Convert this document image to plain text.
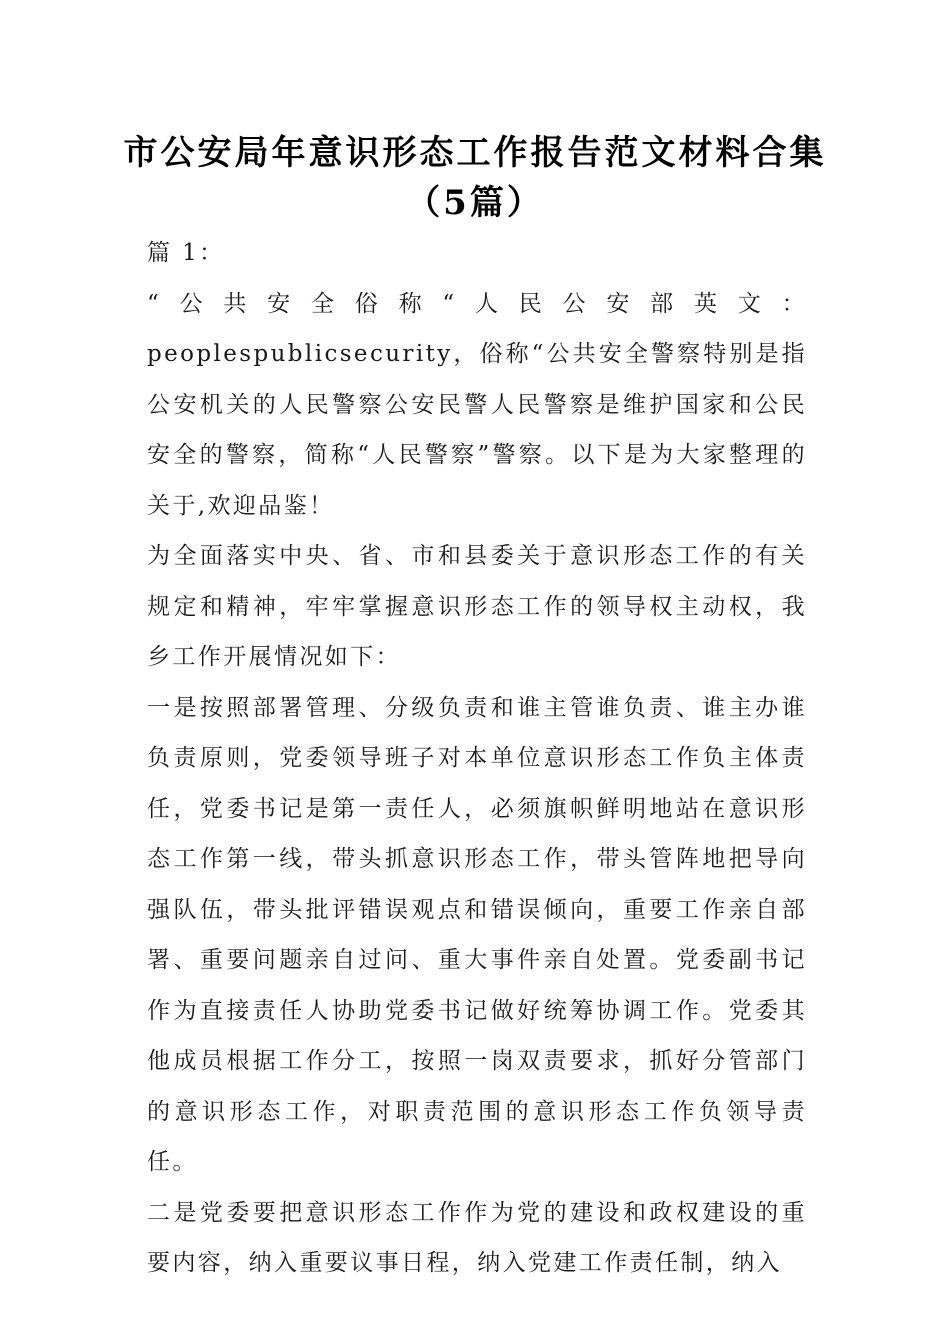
市公安局年意识形态工作报告范文材料合集（5篇）

篇 1：

“公共安全俗称“人民公安部英文：peoplespublicsecurity，俗称“公共安全警察特别是指公安机关的人民警察公安民警人民警察是维护国家和公民安全的警察，简称“人民警察”警察。以下是为大家整理的关于,欢迎品鉴！

为全面落实中央、省、市和县委关于意识形态工作的有关规定和精神，牢牢掌握意识形态工作的领导权主动权，我乡工作开展情况如下：

一是按照部署管理、分级负责和谁主管谁负责、谁主办谁负责原则，党委领导班子对本单位意识形态工作负主体责任，党委书记是第一责任人，必须旗帜鲜明地站在意识形态工作第一线，带头抓意识形态工作，带头管阵地把导向强队伍，带头批评错误观点和错误倾向，重要工作亲自部署、重要问题亲自过问、重大事件亲自处置。党委副书记作为直接责任人协助党委书记做好统筹协调工作。党委其他成员根据工作分工，按照一岗双责要求，抓好分管部门的意识形态工作，对职责范围的意识形态工作负领导责任。

二是党委要把意识形态工作作为党的建设和政权建设的重要内容，纳入重要议事日程，纳入党建工作责任制，纳入
